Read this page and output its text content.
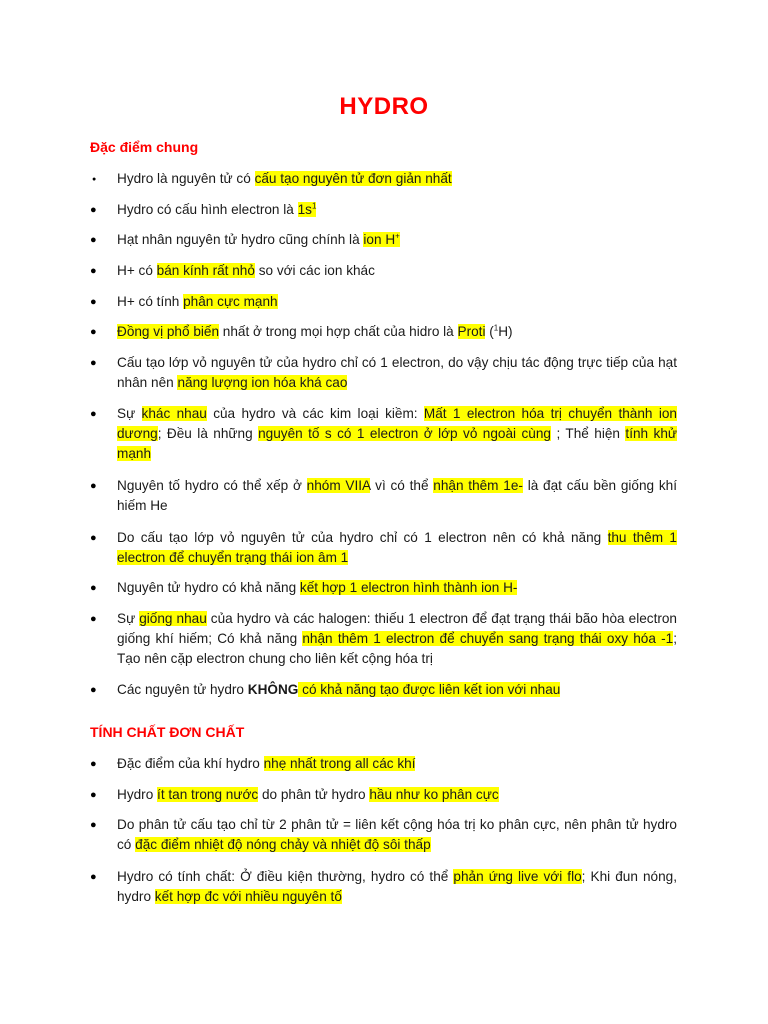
HYDRO
Đặc điểm chung
● Hydro là nguyên tử có cấu tạo nguyên tử đơn giản nhất
● Hydro có cấu hình electron là $1s^1$
● Hạt nhân nguyên tử hydro cũng chính là ion H+
● H+ có bán kính rất nhỏ so với các ion khác
● H+ có tính phân cực mạnh
● Đồng vị phổ biến nhất ở trong mọi hợp chất của hidro là Proti ($^1$H)
● Cấu tạo lớp vỏ nguyên tử của hydro chỉ có 1 electron, do vậy chịu tác động trực tiếp của hạt nhân nên năng lượng ion hóa khá cao
● Sự khác nhau của hydro và các kim loại kiềm: Mất 1 electron hóa trị chuyển thành ion dương; Đều là những nguyên tố s có 1 electron ở lớp vỏ ngoài cùng ; Thể hiện tính khử mạnh
● Nguyên tố hydro có thể xếp ở nhóm VIIA vì có thể nhận thêm 1e- là đạt cấu bền giống khí hiếm He
● Do cấu tạo lớp vỏ nguyên tử của hydro chỉ có 1 electron nên có khả năng thu thêm 1 electron để chuyển trạng thái ion âm 1
● Nguyên tử hydro có khả năng kết hợp 1 electron hình thành ion H-
● Sự giống nhau của hydro và các halogen: thiếu 1 electron để đạt trạng thái bão hòa electron giống khí hiếm; Có khả năng nhận thêm 1 electron để chuyển sang trạng thái oxy hóa -1; Tạo nên cặp electron chung cho liên kết cộng hóa trị
● Các nguyên tử hydro KHÔNG có khả năng tạo được liên kết ion với nhau
TÍNH CHẤT ĐƠN CHẤT
● Đặc điểm của khí hydro nhẹ nhất trong all các khí
● Hydro ít tan trong nước do phân tử hydro hầu như ko phân cực
● Do phân tử cấu tạo chỉ từ 2 phân tử = liên kết cộng hóa trị ko phân cực, nên phân tử hydro có đặc điểm nhiệt độ nóng chảy và nhiệt độ sôi thấp
● Hydro có tính chất: Ở điều kiện thường, hydro có thể phản ứng live với flo; Khi đun nóng, hydro kết hợp đc với nhiều nguyên tố
